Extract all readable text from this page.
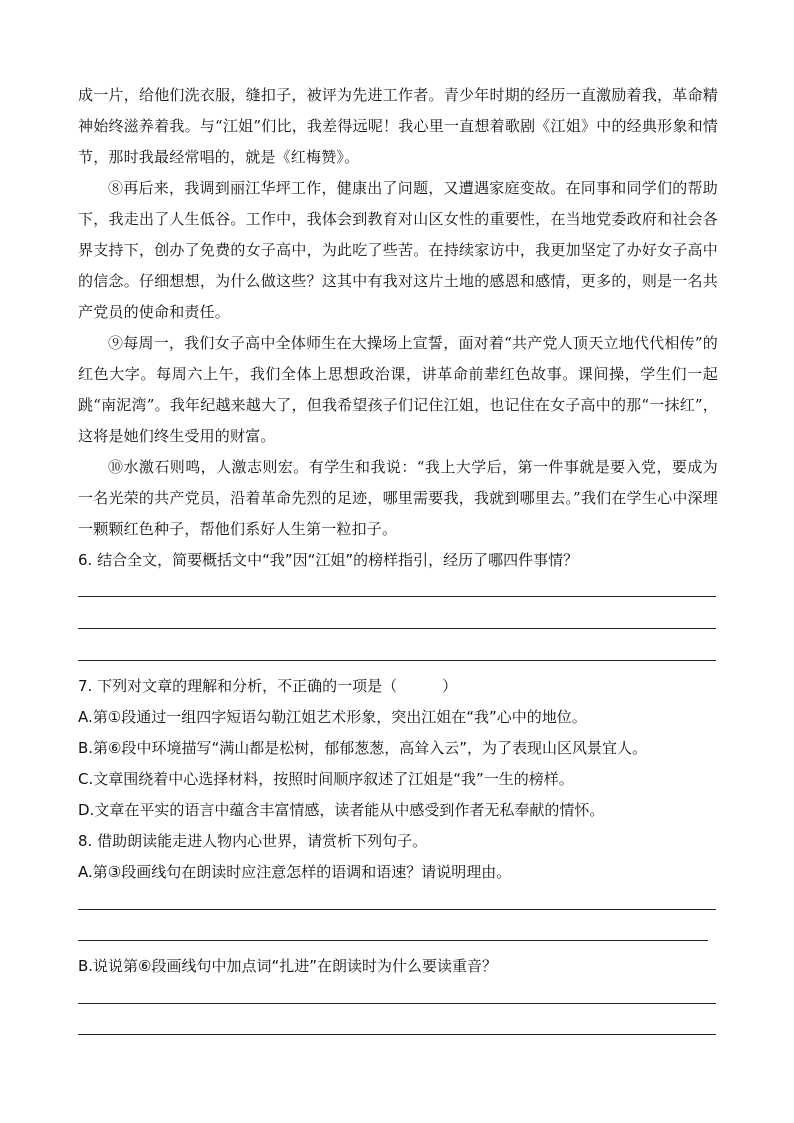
成一片，给他们洗衣服，缝扣子，被评为先进工作者。青少年时期的经历一直激励着我，革命精神始终滋养着我。与“江姐”们比，我差得远呢！我心里一直想着歌剧《江姐》中的经典形象和情节，那时我最经常唱的，就是《红梅赞》。

⑧再后来，我调到丽江华坪工作，健康出了问题，又遭遇家庭变故。在同事和同学们的帮助下，我走出了人生低谷。工作中，我体会到教育对山区女性的重要性，在当地党委政府和社会各界支持下，创办了免费的女子高中，为此吃了些苦。在持续家访中，我更加坚定了办好女子高中的信念。仔细想想，为什么做这些？这其中有我对这片土地的感恩和感情，更多的，则是一名共产党员的使命和责任。

⑨每周一，我们女子高中全体师生在大操场上宣誓，面对着“共产党人顶天立地代代相传”的红色大字。每周六上午，我们全体上思想政治课，讲革命前辈红色故事。课间操，学生们一起跳“南泥湾”。我年纪越来越大了，但我希望孩子们记住江姐，也记住在女子高中的那“一抹红”，这将是她们终生受用的财富。

⑩水激石则鸣，人激志则宏。有学生和我说：“我上大学后，第一件事就是要入党，要成为一名光荣的共产党员，沿着革命先烈的足迹，哪里需要我，我就到哪里去。”我们在学生心中深埋一颗颗红色种子，帮他们系好人生第一粒扣子。

6. 结合全文，简要概括文中“我”因“江姐”的榜样指引，经历了哪四件事情？
7. 下列对文章的理解和分析，不正确的一项是（　　　）
A.第①段通过一组四字短语勾勒江姐艺术形象，突出江姐在“我”心中的地位。
B.第⑥段中环境描写“满山都是松树，郁郁葱葱，高耸入云”，为了表现山区风景宜人。
C.文章围绕着中心选择材料，按照时间顺序叙述了江姐是“我”一生的榜样。
D.文章在平实的语言中蕴含丰富情感，读者能从中感受到作者无私奉献的情怀。
8. 借助朗读能走进人物内心世界，请赏析下列句子。
A.第③段画线句在朗读时应注意怎样的语调和语速？请说明理由。
B.说说第⑥段画线句中加点词“扎进”在朗读时为什么要读重音？
